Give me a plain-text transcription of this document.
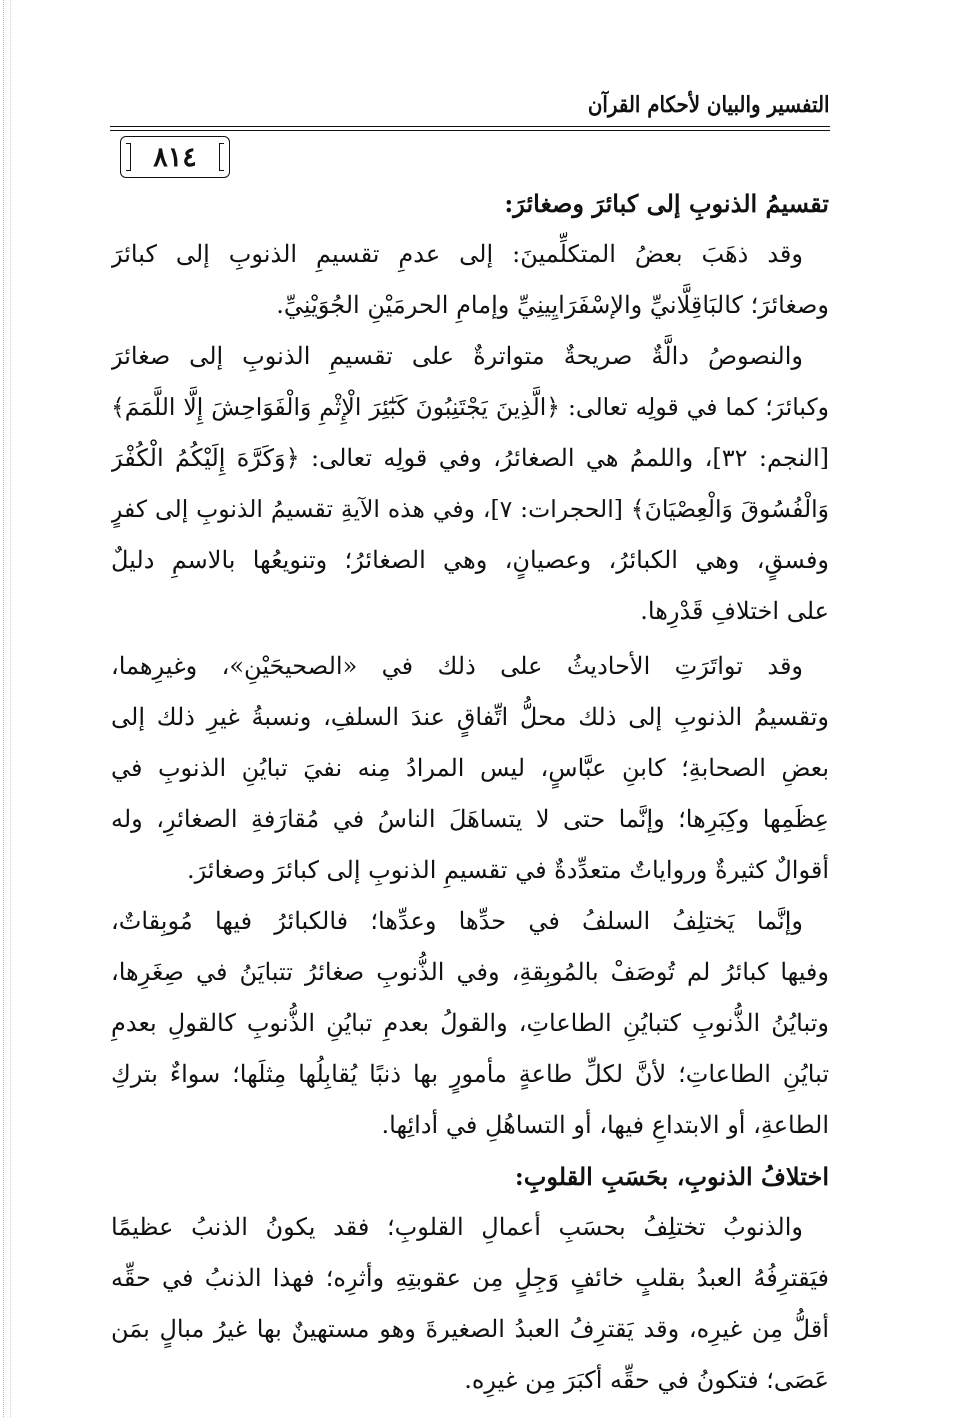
التفسير والبيان لأحكام القرآن
٨١٤
تقسيمُ الذنوبِ إلى كبائرَ وصغائرَ:
وقد ذهَبَ بعضُ المتكلِّمينَ: إلى عدمِ تقسيمِ الذنوبِ إلى كبائرَ
وصغائرَ؛ كالبَاقِلَّانيِّ والإسْفَرَايِينِيِّ وإمامِ الحرمَيْنِ الجُوَيْنِيِّ.
والنصوصُ دالَّةٌ صريحةٌ متواترةٌ على تقسيمِ الذنوبِ إلى صغائرَ
وكبائرَ؛ كما في قولِه تعالى: ﴿الَّذِينَ يَجْتَنِبُونَ كَبَٰٓئِرَ الْإِثْمِ وَالْفَوَاحِشَ إِلَّا اللَّمَمَ﴾
[النجم: ٣٢]، واللممُ هي الصغائرُ، وفي قولِه تعالى: ﴿وَكَرَّهَ إِلَيْكُمُ الْكُفْرَ
وَالْفُسُوقَ وَالْعِصْيَانَ﴾ [الحجرات: ٧]، وفي هذه الآيةِ تقسيمُ الذنوبِ إلى كفرٍ
وفسقٍ، وهي الكبائرُ، وعصيانٍ، وهي الصغائرُ؛ وتنويعُها بالاسمِ دليلٌ
على اختلافِ قَدْرِها.
وقد تواتَرَتِ الأحاديثُ على ذلك في «الصحيحَيْنِ»، وغيرِهما،
وتقسيمُ الذنوبِ إلى ذلك محلُّ اتِّفاقٍ عندَ السلفِ، ونسبةُ غيرِ ذلك إلى
بعضِ الصحابةِ؛ كابنِ عبَّاسٍ، ليس المرادُ مِنه نفيَ تبايُنِ الذنوبِ في
عِظَمِها وكِبَرِها؛ وإنَّما حتى لا يتساهَلَ الناسُ في مُقارَفةِ الصغائرِ، وله
أقوالٌ كثيرةٌ ورواياتٌ متعدِّدةٌ في تقسيمِ الذنوبِ إلى كبائرَ وصغائرَ.
وإنَّما يَختلِفُ السلفُ في حدِّها وعدِّها؛ فالكبائرُ فيها مُوبِقاتٌ،
وفيها كبائرُ لم تُوصَفْ بالمُوبِقةِ، وفي الذُّنوبِ صغائرُ تتبايَنُ في صِغَرِها،
وتبايُنُ الذُّنوبِ كتبايُنِ الطاعاتِ، والقولُ بعدمِ تبايُنِ الذُّنوبِ كالقولِ بعدمِ
تبايُنِ الطاعاتِ؛ لأنَّ لكلِّ طاعةٍ مأمورٍ بها ذنبًا يُقابِلُها مِثلَها؛ سواءٌ بتركِ
الطاعةِ، أو الابتداعِ فيها، أو التساهُلِ في أدائِها.
اختلافُ الذنوبِ، بحَسَبِ القلوبِ:
والذنوبُ تختلِفُ بحسَبِ أعمالِ القلوبِ؛ فقد يكونُ الذنبُ عظيمًا
فيَقترِفُهُ العبدُ بقلبٍ خائفٍ وَجِلٍ مِن عقوبتِهِ وأثرِه؛ فهذا الذنبُ في حقِّه
أقلُّ مِن غيرِه، وقد يَقترِفُ العبدُ الصغيرةَ وهو مستهينٌ بها غيرُ مبالٍ بمَن
عَصَى؛ فتكونُ في حقِّه أكبَرَ مِن غيرِه.
